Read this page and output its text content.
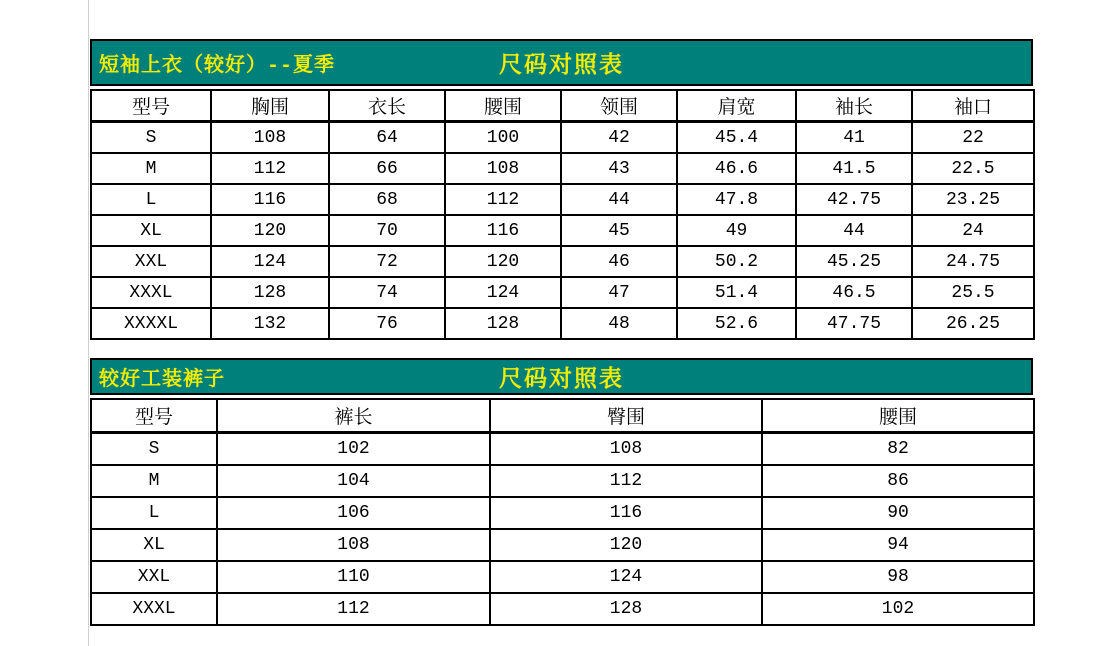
尺码对照表
短袖上衣（较好）--夏季
型号	胸围	衣长	腰围	领围	肩宽	袖长	袖口
S	108	64	100	42	45.4	41	22
M	112	66	108	43	46.6	41.5	22.5
L	116	68	112	44	47.8	42.75	23.25
XL	120	70	116	45	49	44	24
XXL	124	72	120	46	50.2	45.25	24.75
XXXL	128	74	124	47	51.4	46.5	25.5
XXXXL	132	76	128	48	52.6	47.75	26.25
尺码对照表
较好工装裤子
型号	裤长	臀围	腰围
S	102	108	82
M	104	112	86
L	106	116	90
XL	108	120	94
XXL	110	124	98
XXXL	112	128	102
